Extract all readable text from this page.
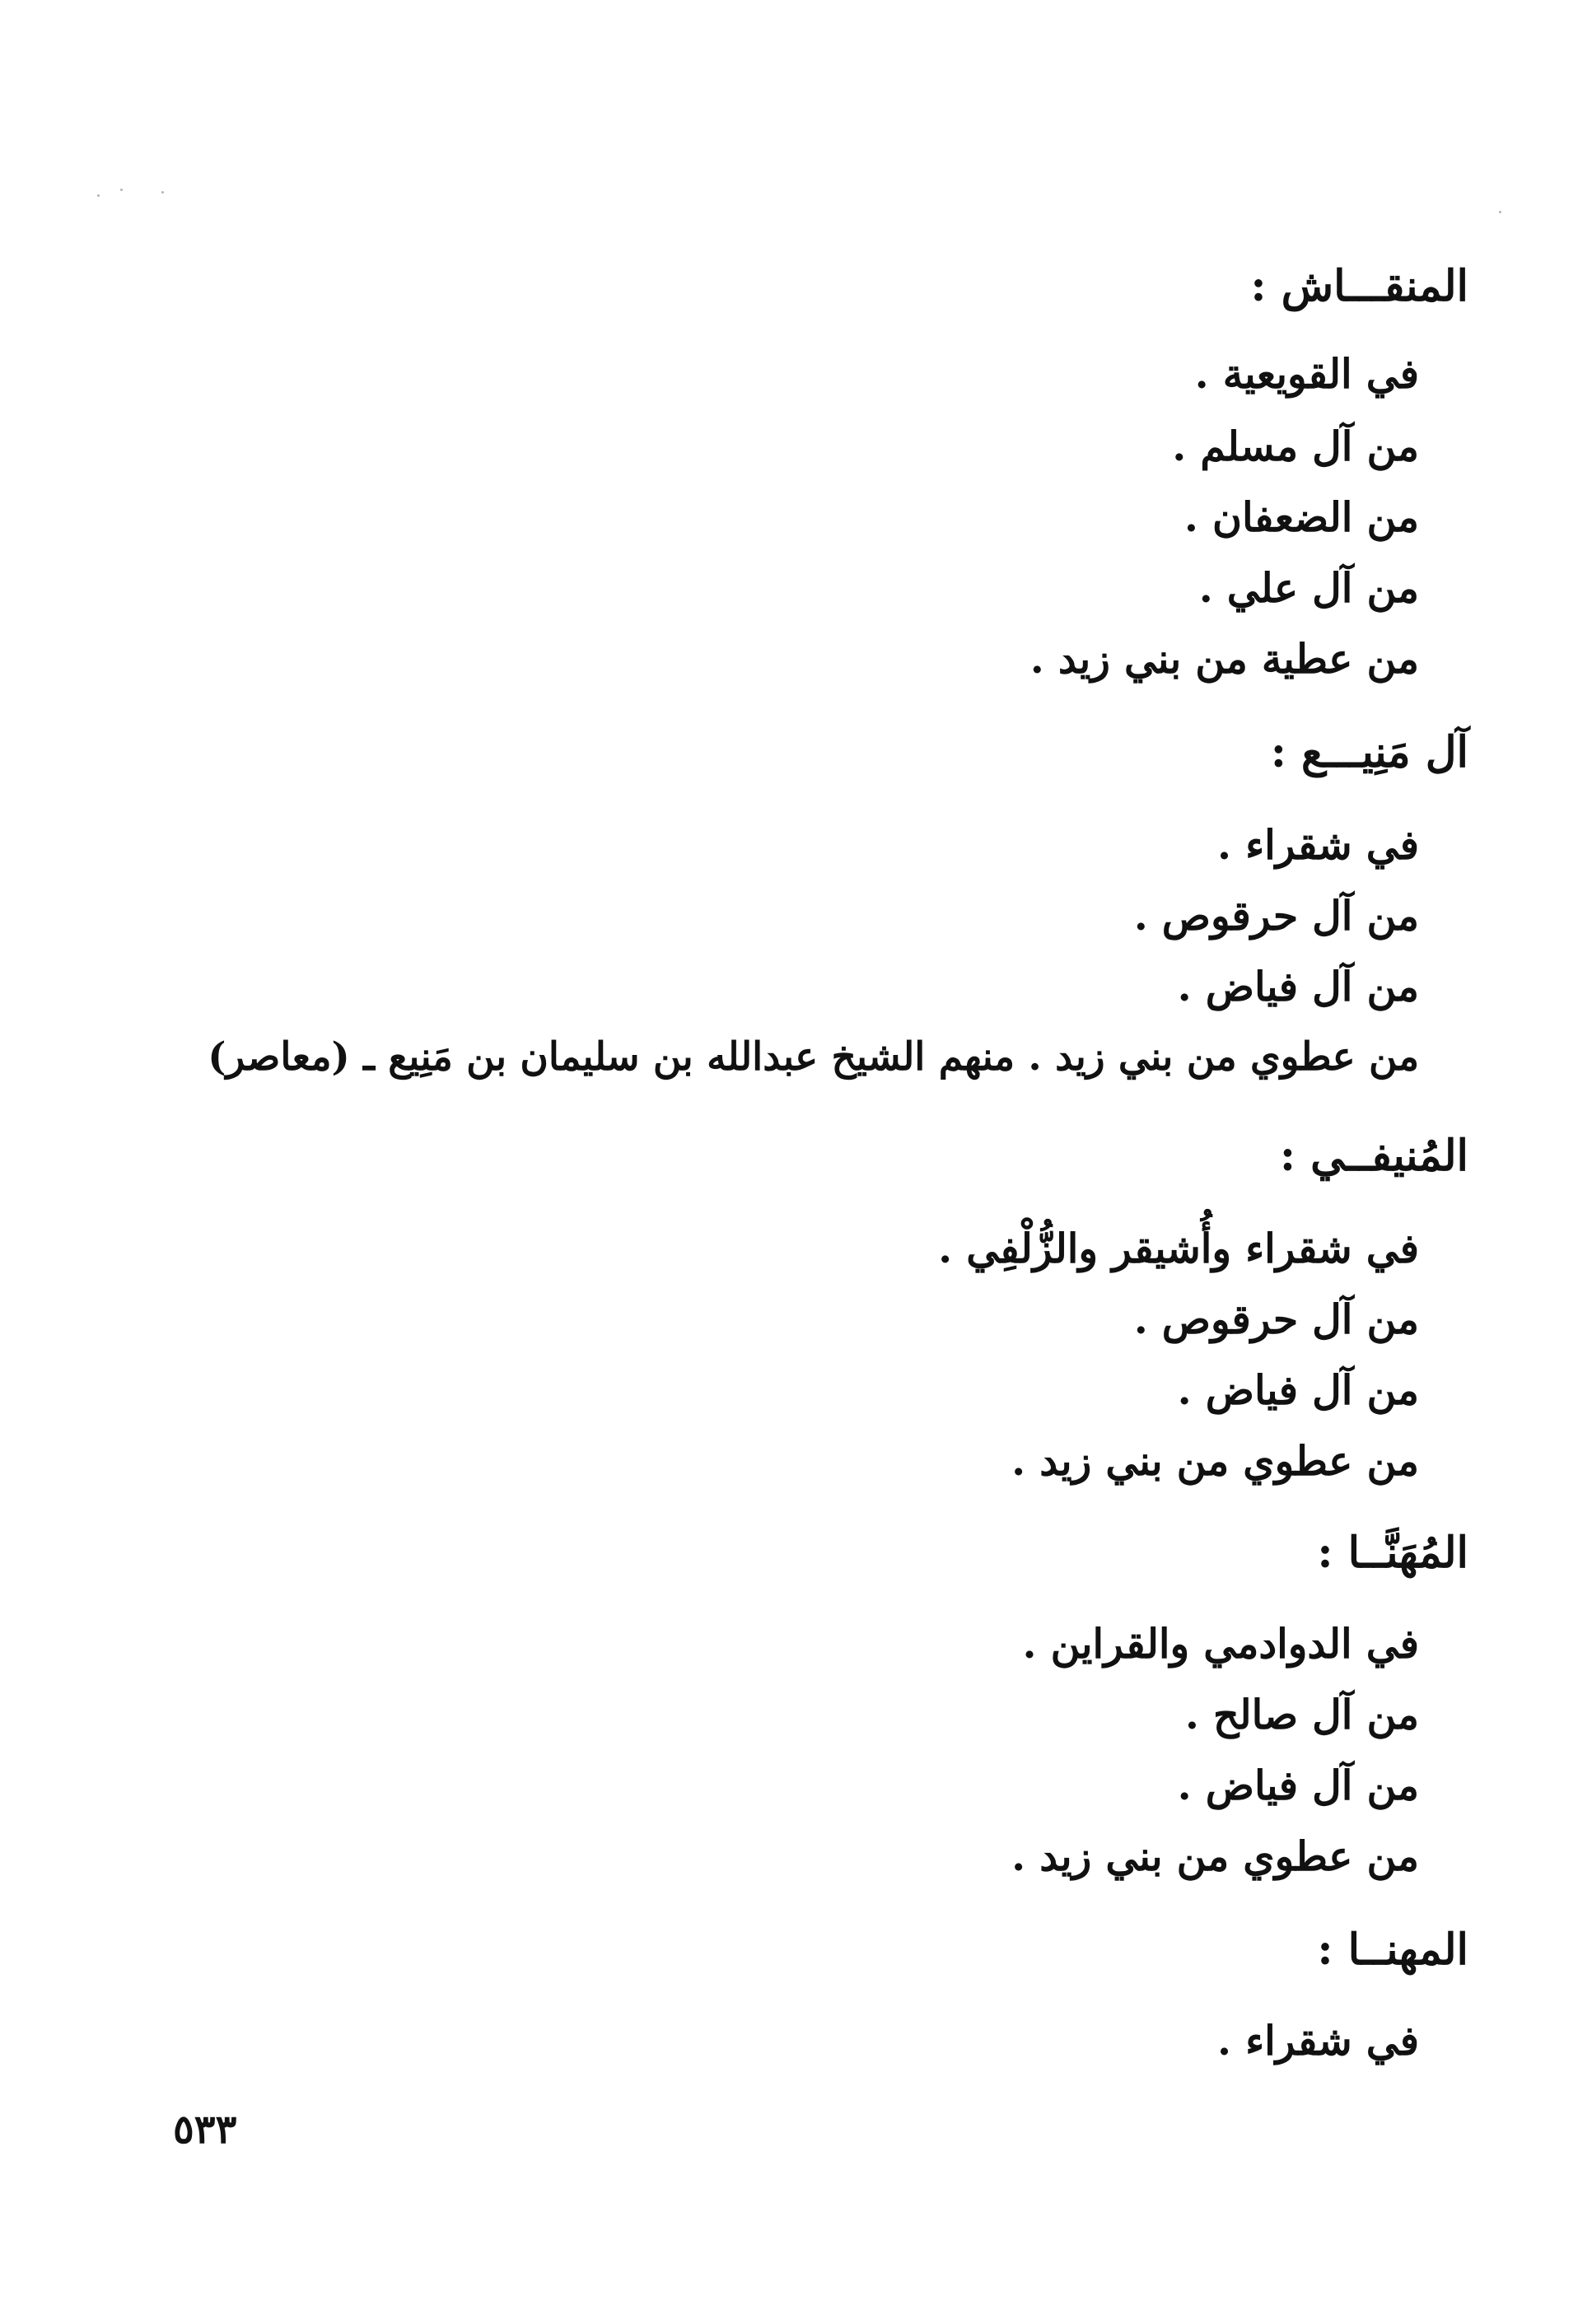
المنقـــاش :
في القويعية .
من آل مسلم .
من الضعفان .
من آل علي .
من عطية من بني زيد .
آل مَنِيـــع :
في شقراء .
من آل حرقوص .
من آل فياض .
من عطوي من بني زيد . منهم الشيخ عبدالله بن سليمان بن مَنِيع ـ (معاصر)
المُنيفــي :
في شقراء وأُشيقر والزُّلْفِي .
من آل حرقوص .
من آل فياض .
من عطوي من بني زيد .
المُهَنَّــا :
في الدوادمي والقراين .
من آل صالح .
من آل فياض .
من عطوي من بني زيد .
المهنــا :
في شقراء .
٥٣٣
